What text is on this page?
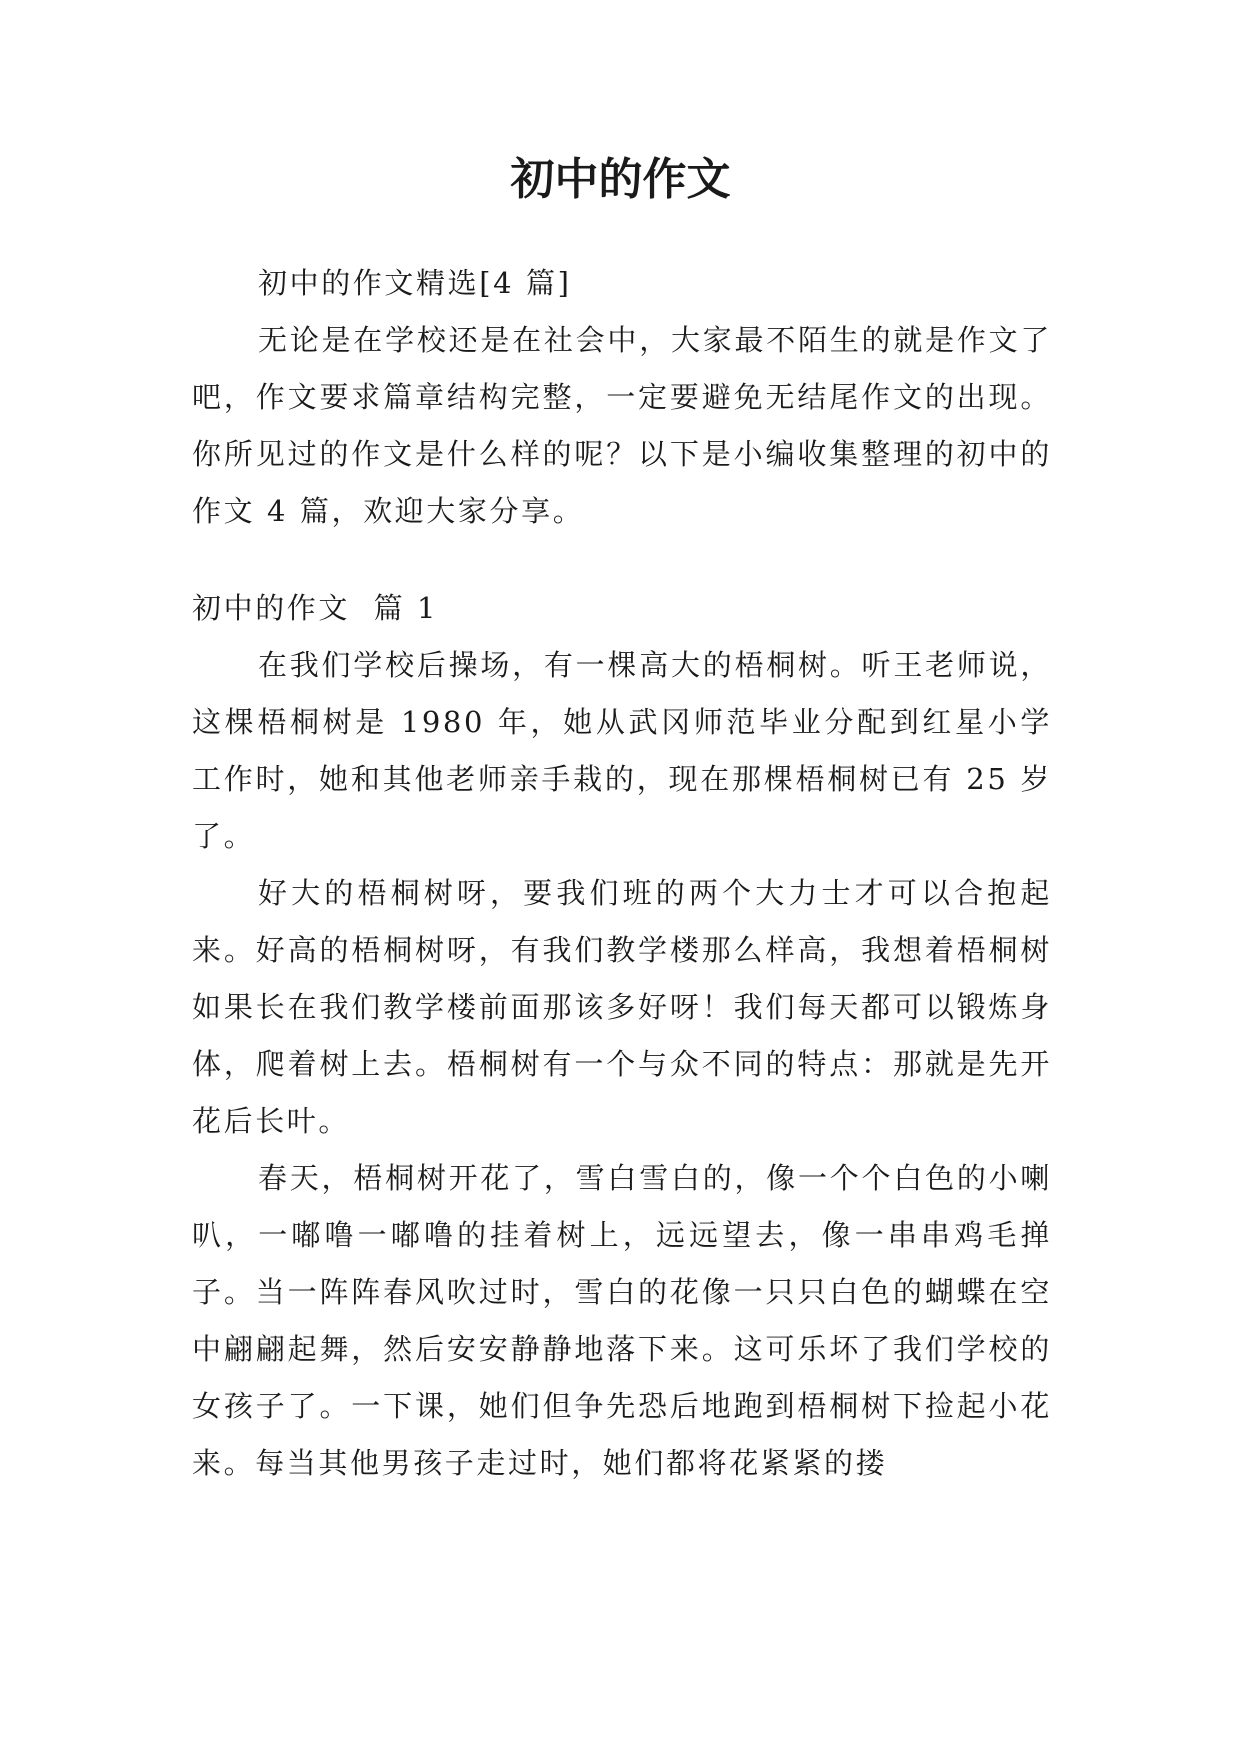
初中的作文

初中的作文精选[4 篇]

无论是在学校还是在社会中，大家最不陌生的就是作文了吧，作文要求篇章结构完整，一定要避免无结尾作文的出现。你所见过的作文是什么样的呢？以下是小编收集整理的初中的作文 4 篇，欢迎大家分享。

初中的作文  篇 1

在我们学校后操场，有一棵高大的梧桐树。听王老师说，这棵梧桐树是 1980 年，她从武冈师范毕业分配到红星小学工作时，她和其他老师亲手栽的，现在那棵梧桐树已有 25 岁了。

好大的梧桐树呀，要我们班的两个大力士才可以合抱起来。好高的梧桐树呀，有我们教学楼那么样高，我想着梧桐树如果长在我们教学楼前面那该多好呀！我们每天都可以锻炼身体，爬着树上去。梧桐树有一个与众不同的特点：那就是先开花后长叶。

春天，梧桐树开花了，雪白雪白的，像一个个白色的小喇叭，一嘟噜一嘟噜的挂着树上，远远望去，像一串串鸡毛掸子。当一阵阵春风吹过时，雪白的花像一只只白色的蝴蝶在空中翩翩起舞，然后安安静静地落下来。这可乐坏了我们学校的女孩子了。一下课，她们但争先恐后地跑到梧桐树下捡起小花来。每当其他男孩子走过时，她们都将花紧紧的搂
